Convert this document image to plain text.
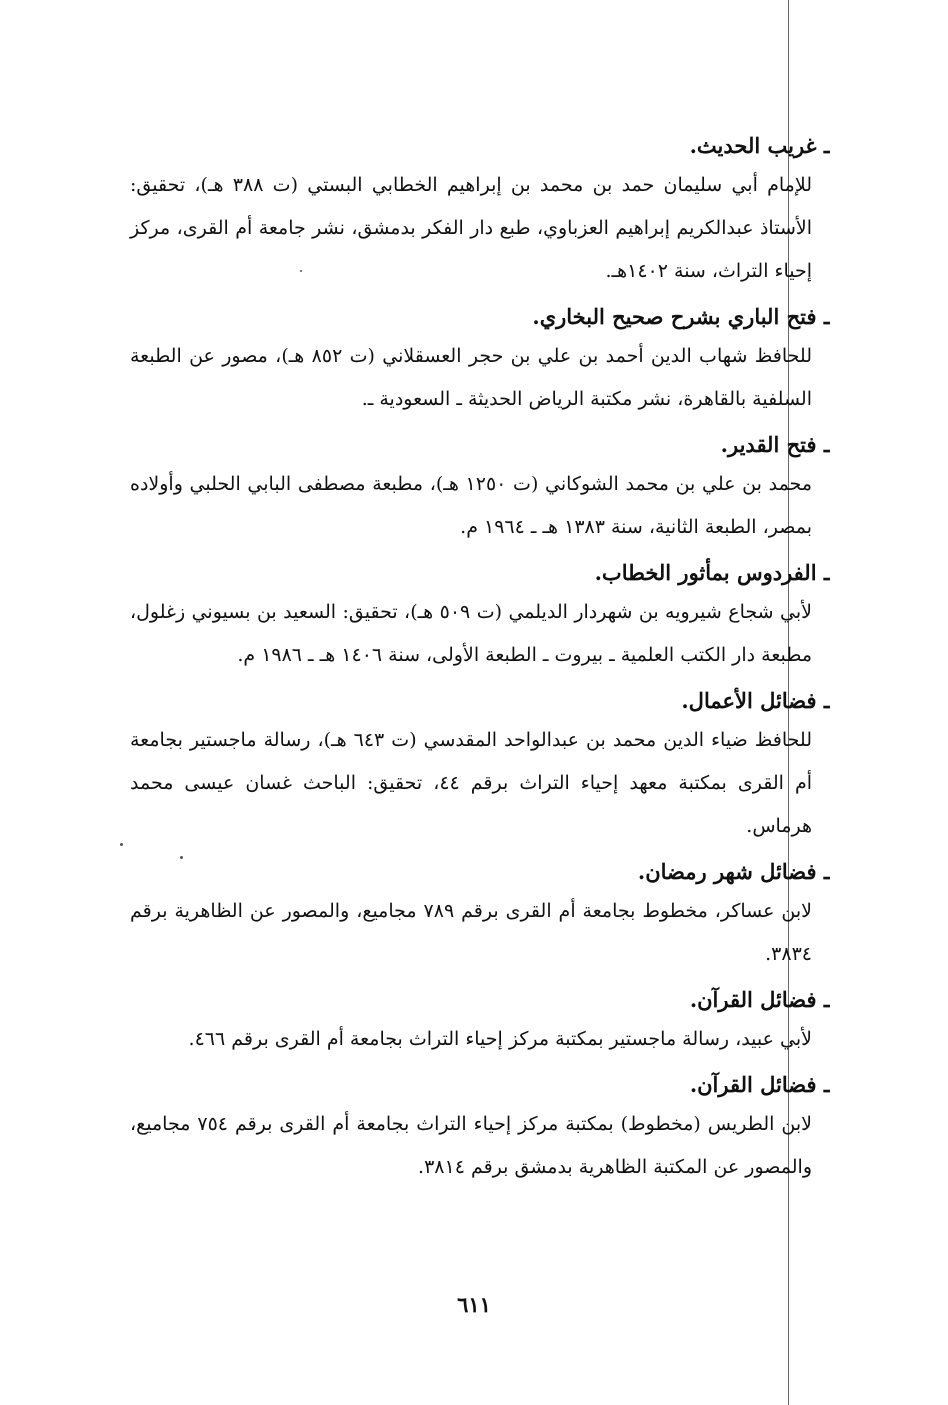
ـ غريب الحديث.
للإمام أبي سليمان حمد بن محمد بن إبراهيم الخطابي البستي (ت ٣٨٨ هـ)، تحقيق: الأستاذ عبدالكريم إبراهيم العزباوي، طبع دار الفكر بدمشق، نشر جامعة أم القرى، مركز إحياء التراث، سنة ١٤٠٢هـ.
ـ فتح الباري بشرح صحيح البخاري.
للحافظ شهاب الدين أحمد بن علي بن حجر العسقلاني (ت ٨٥٢ هـ)، مصور عن الطبعة السلفية بالقاهرة، نشر مكتبة الرياض الحديثة ـ السعودية ـ.
ـ فتح القدير.
محمد بن علي بن محمد الشوكاني (ت ١٢٥٠ هـ)، مطبعة مصطفى البابي الحلبي وأولاده بمصر، الطبعة الثانية، سنة ١٣٨٣ هـ ـ ١٩٦٤ م.
ـ الفردوس بمأثور الخطاب.
لأبي شجاع شيرويه بن شهردار الديلمي (ت ٥٠٩ هـ)، تحقيق: السعيد بن بسيوني زغلول، مطبعة دار الكتب العلمية ـ بيروت ـ الطبعة الأولى، سنة ١٤٠٦ هـ ـ ١٩٨٦ م.
ـ فضائل الأعمال.
للحافظ ضياء الدين محمد بن عبدالواحد المقدسي (ت ٦٤٣ هـ)، رسالة ماجستير بجامعة أم القرى بمكتبة معهد إحياء التراث برقم ٤٤، تحقيق: الباحث غسان عيسى محمد هرماس.
ـ فضائل شهر رمضان.
لابن عساكر، مخطوط بجامعة أم القرى برقم ٧٨٩ مجاميع، والمصور عن الظاهرية برقم ٣٨٣٤.
ـ فضائل القرآن.
لأبي عبيد، رسالة ماجستير بمكتبة مركز إحياء التراث بجامعة أم القرى برقم ٤٦٦.
ـ فضائل القرآن.
لابن الطريس (مخطوط) بمكتبة مركز إحياء التراث بجامعة أم القرى برقم ٧٥٤ مجاميع، والمصور عن المكتبة الظاهرية بدمشق برقم ٣٨١٤.
٦١١
